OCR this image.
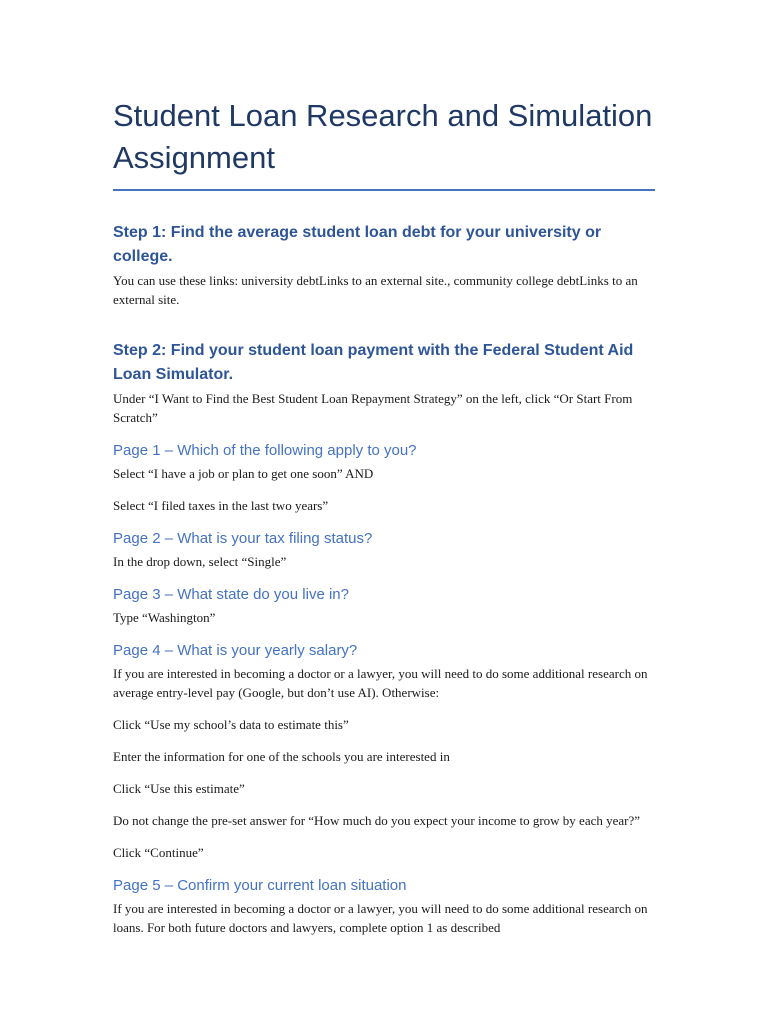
Student Loan Research and Simulation Assignment
Step 1: Find the average student loan debt for your university or college.

You can use these links: university debtLinks to an external site., community college debtLinks to an external site.

Step 2: Find your student loan payment with the Federal Student Aid Loan Simulator.

Under “I Want to Find the Best Student Loan Repayment Strategy” on the left, click “Or Start From Scratch”

Page 1 – Which of the following apply to you?

Select “I have a job or plan to get one soon” AND

Select “I filed taxes in the last two years”

Page 2 – What is your tax filing status?

In the drop down, select “Single”

Page 3 – What state do you live in?

Type “Washington”

Page 4 – What is your yearly salary?

If you are interested in becoming a doctor or a lawyer, you will need to do some additional research on average entry-level pay (Google, but don’t use AI). Otherwise:

Click “Use my school’s data to estimate this”

Enter the information for one of the schools you are interested in

Click “Use this estimate”

Do not change the pre-set answer for “How much do you expect your income to grow by each year?”

Click “Continue”

Page 5 – Confirm your current loan situation

If you are interested in becoming a doctor or a lawyer, you will need to do some additional research on loans. For both future doctors and lawyers, complete option 1 as described
